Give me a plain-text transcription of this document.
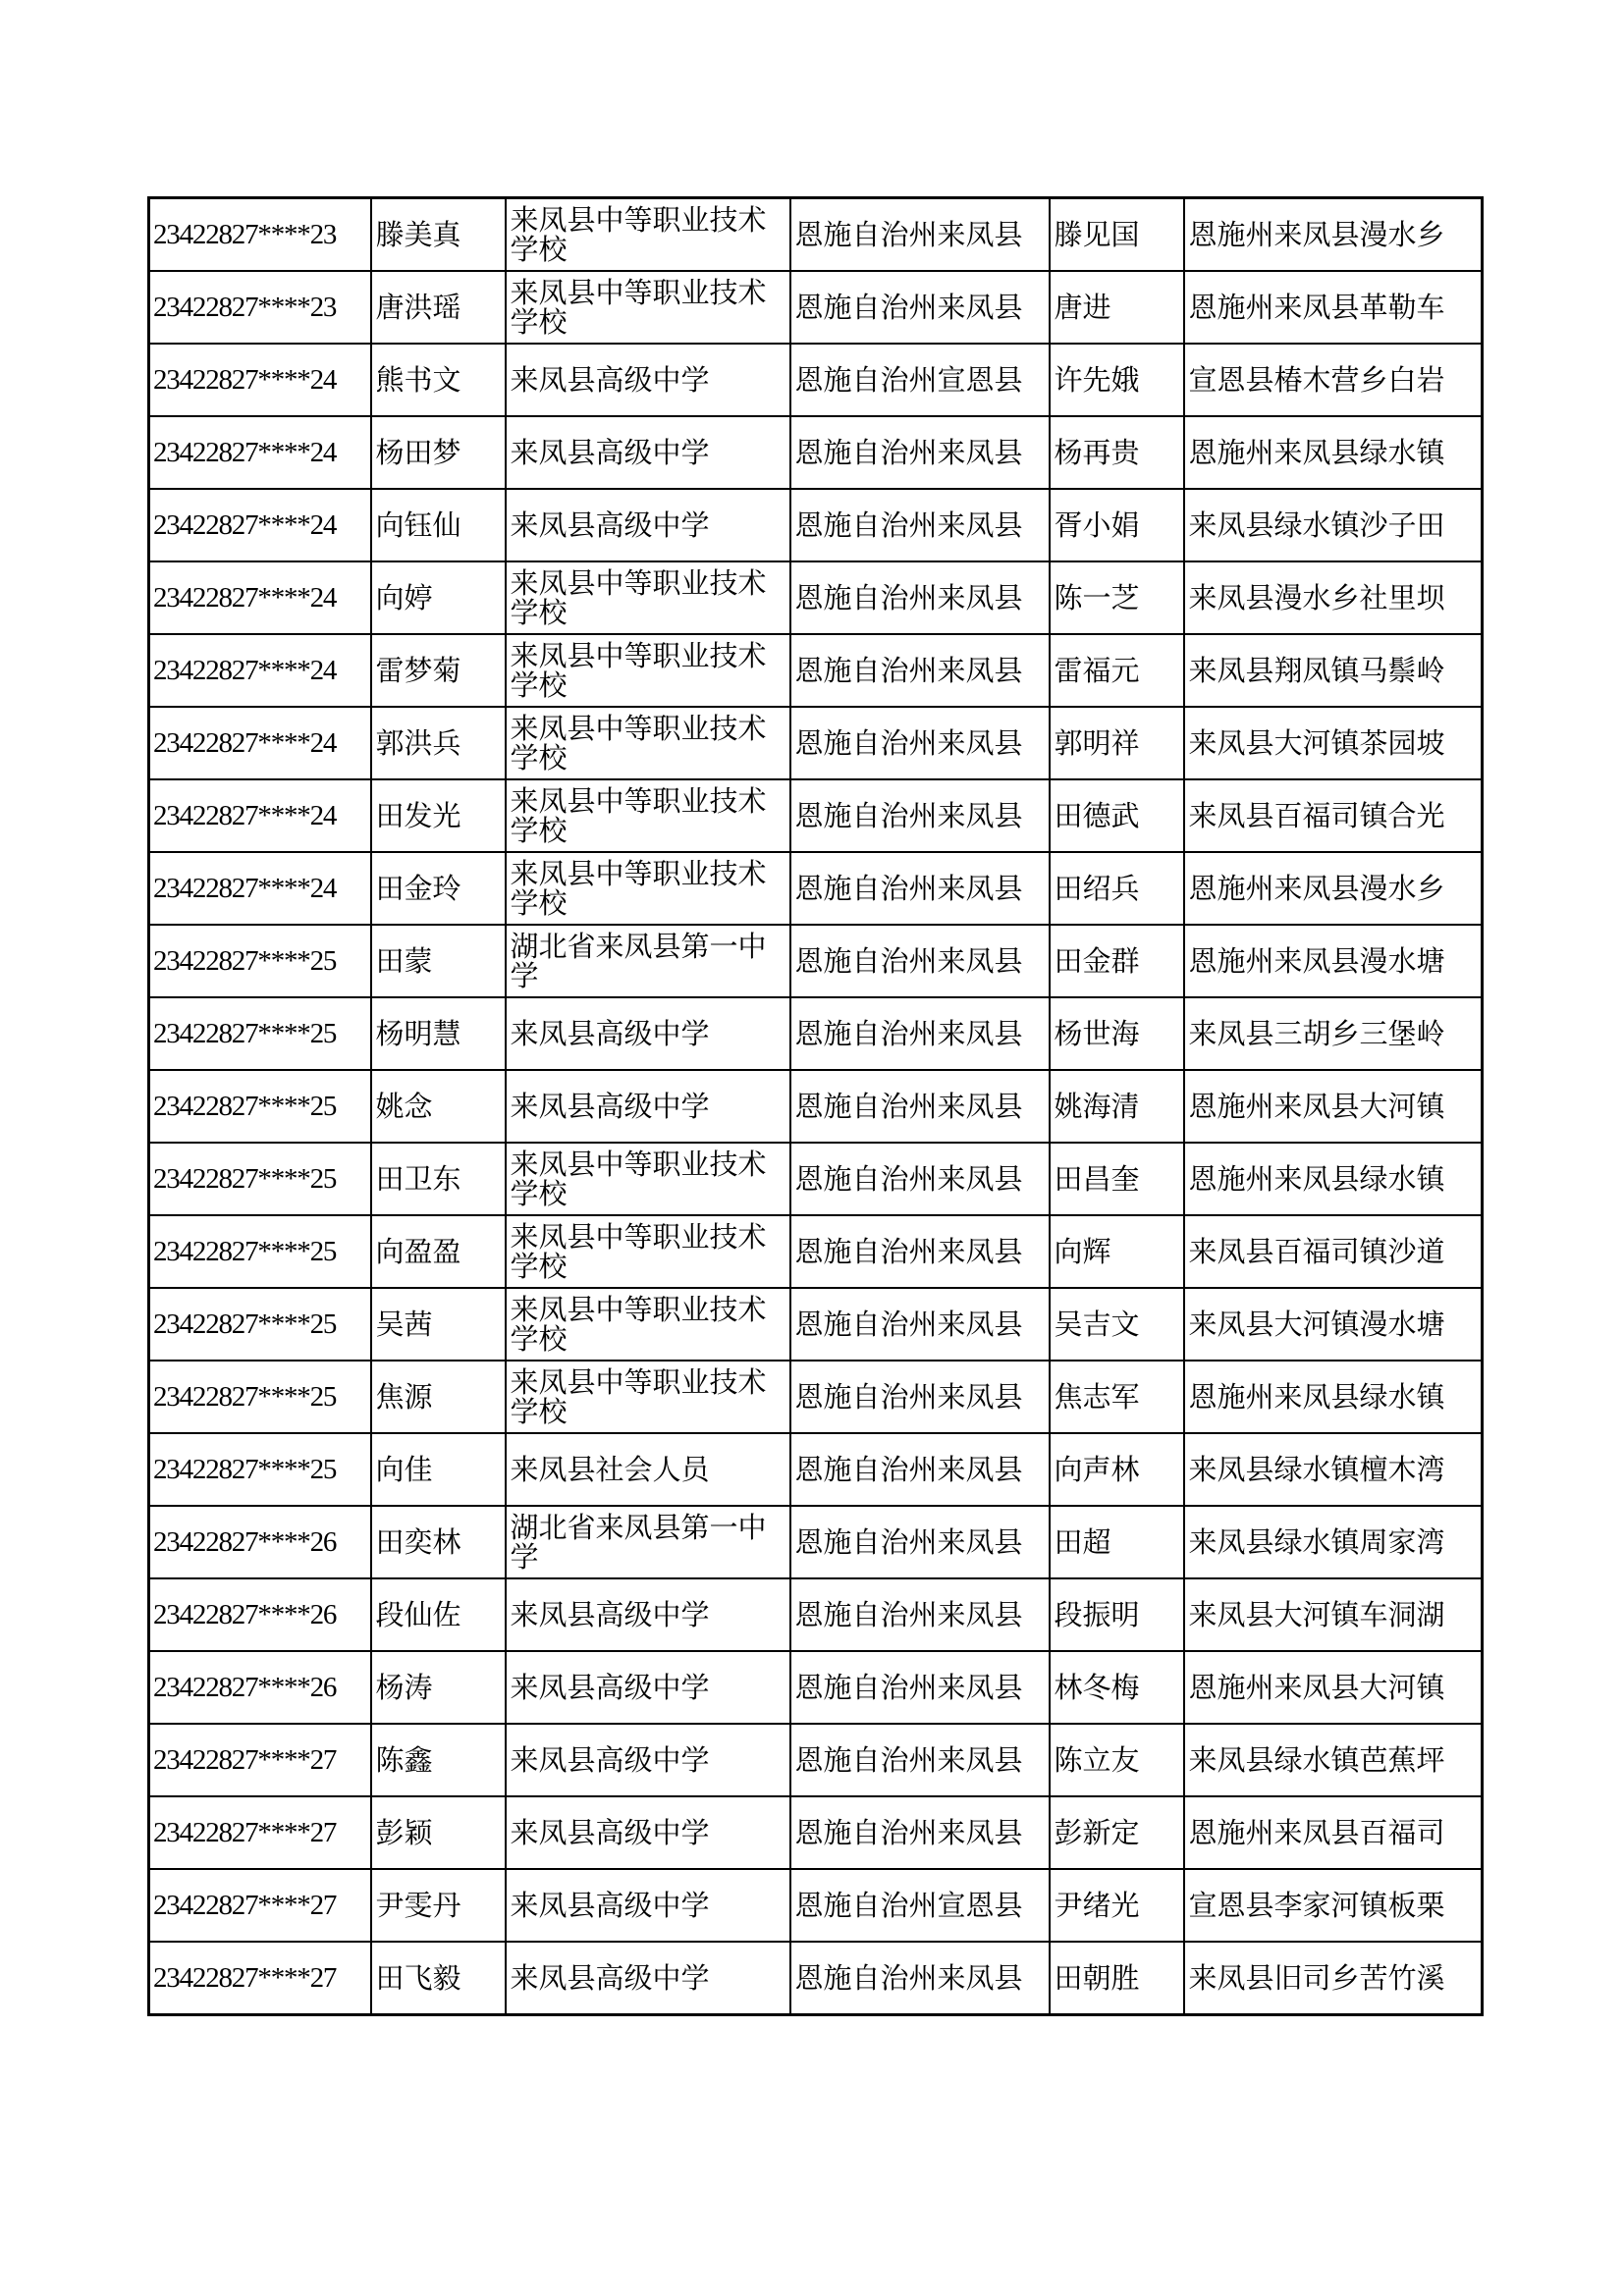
23422827****23	滕美真	来凤县中等职业技术学校	恩施自治州来凤县	滕见国	恩施州来凤县漫水乡
23422827****23	唐洪瑶	来凤县中等职业技术学校	恩施自治州来凤县	唐进	恩施州来凤县革勒车
23422827****24	熊书文	来凤县高级中学	恩施自治州宣恩县	许先娥	宣恩县椿木营乡白岩
23422827****24	杨田梦	来凤县高级中学	恩施自治州来凤县	杨再贵	恩施州来凤县绿水镇
23422827****24	向钰仙	来凤县高级中学	恩施自治州来凤县	胥小娟	来凤县绿水镇沙子田
23422827****24	向婷	来凤县中等职业技术学校	恩施自治州来凤县	陈一芝	来凤县漫水乡社里坝
23422827****24	雷梦菊	来凤县中等职业技术学校	恩施自治州来凤县	雷福元	来凤县翔凤镇马鬃岭
23422827****24	郭洪兵	来凤县中等职业技术学校	恩施自治州来凤县	郭明祥	来凤县大河镇茶园坡
23422827****24	田发光	来凤县中等职业技术学校	恩施自治州来凤县	田德武	来凤县百福司镇合光
23422827****24	田金玲	来凤县中等职业技术学校	恩施自治州来凤县	田绍兵	恩施州来凤县漫水乡
23422827****25	田蒙	湖北省来凤县第一中学	恩施自治州来凤县	田金群	恩施州来凤县漫水塘
23422827****25	杨明慧	来凤县高级中学	恩施自治州来凤县	杨世海	来凤县三胡乡三堡岭
23422827****25	姚念	来凤县高级中学	恩施自治州来凤县	姚海清	恩施州来凤县大河镇
23422827****25	田卫东	来凤县中等职业技术学校	恩施自治州来凤县	田昌奎	恩施州来凤县绿水镇
23422827****25	向盈盈	来凤县中等职业技术学校	恩施自治州来凤县	向辉	来凤县百福司镇沙道
23422827****25	吴茜	来凤县中等职业技术学校	恩施自治州来凤县	吴吉文	来凤县大河镇漫水塘
23422827****25	焦源	来凤县中等职业技术学校	恩施自治州来凤县	焦志军	恩施州来凤县绿水镇
23422827****25	向佳	来凤县社会人员	恩施自治州来凤县	向声林	来凤县绿水镇檀木湾
23422827****26	田奕林	湖北省来凤县第一中学	恩施自治州来凤县	田超	来凤县绿水镇周家湾
23422827****26	段仙佐	来凤县高级中学	恩施自治州来凤县	段振明	来凤县大河镇车洞湖
23422827****26	杨涛	来凤县高级中学	恩施自治州来凤县	林冬梅	恩施州来凤县大河镇
23422827****27	陈鑫	来凤县高级中学	恩施自治州来凤县	陈立友	来凤县绿水镇芭蕉坪
23422827****27	彭颖	来凤县高级中学	恩施自治州来凤县	彭新定	恩施州来凤县百福司
23422827****27	尹雯丹	来凤县高级中学	恩施自治州宣恩县	尹绪光	宣恩县李家河镇板栗
23422827****27	田飞毅	来凤县高级中学	恩施自治州来凤县	田朝胜	来凤县旧司乡苦竹溪
